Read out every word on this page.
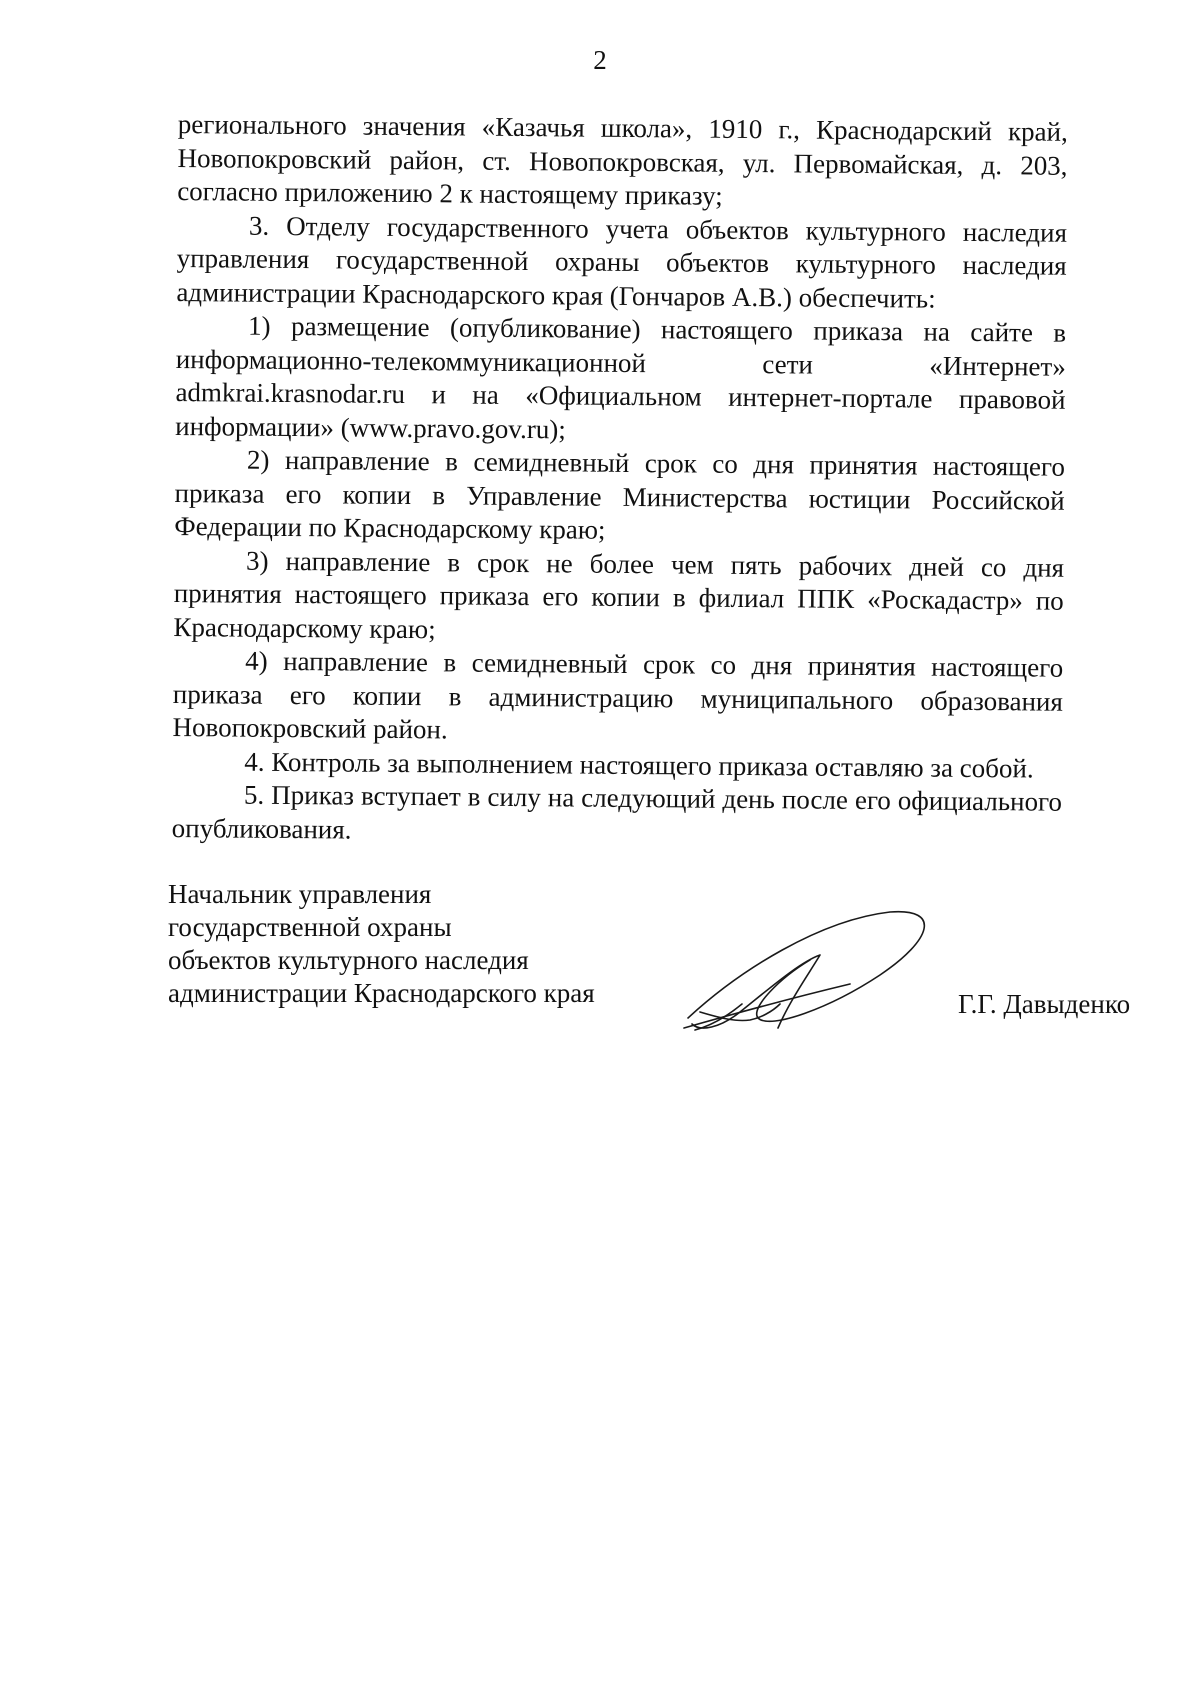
2

регионального значения «Казачья школа», 1910 г., Краснодарский край, Новопокровский район, ст. Новопокровская, ул. Первомайская, д. 203, согласно приложению 2 к настоящему приказу;

3. Отделу государственного учета объектов культурного наследия управления государственной охраны объектов культурного наследия администрации Краснодарского края (Гончаров А.В.) обеспечить:

1) размещение (опубликование) настоящего приказа на сайте в информационно-телекоммуникационной сети «Интернет» admkrai.krasnodar.ru и на «Официальном интернет-портале правовой информации» (www.pravo.gov.ru);

2) направление в семидневный срок со дня принятия настоящего приказа его копии в Управление Министерства юстиции Российской Федерации по Краснодарскому краю;

3) направление в срок не более чем пять рабочих дней со дня принятия настоящего приказа его копии в филиал ППК «Роскадастр» по Краснодарскому краю;

4) направление в семидневный срок со дня принятия настоящего приказа его копии в администрацию муниципального образования Новопокровский район.

4. Контроль за выполнением настоящего приказа оставляю за собой.

5. Приказ вступает в силу на следующий день после его официального опубликования.

Начальник управления
государственной охраны
объектов культурного наследия
администрации Краснодарского края	Г.Г. Давыденко
